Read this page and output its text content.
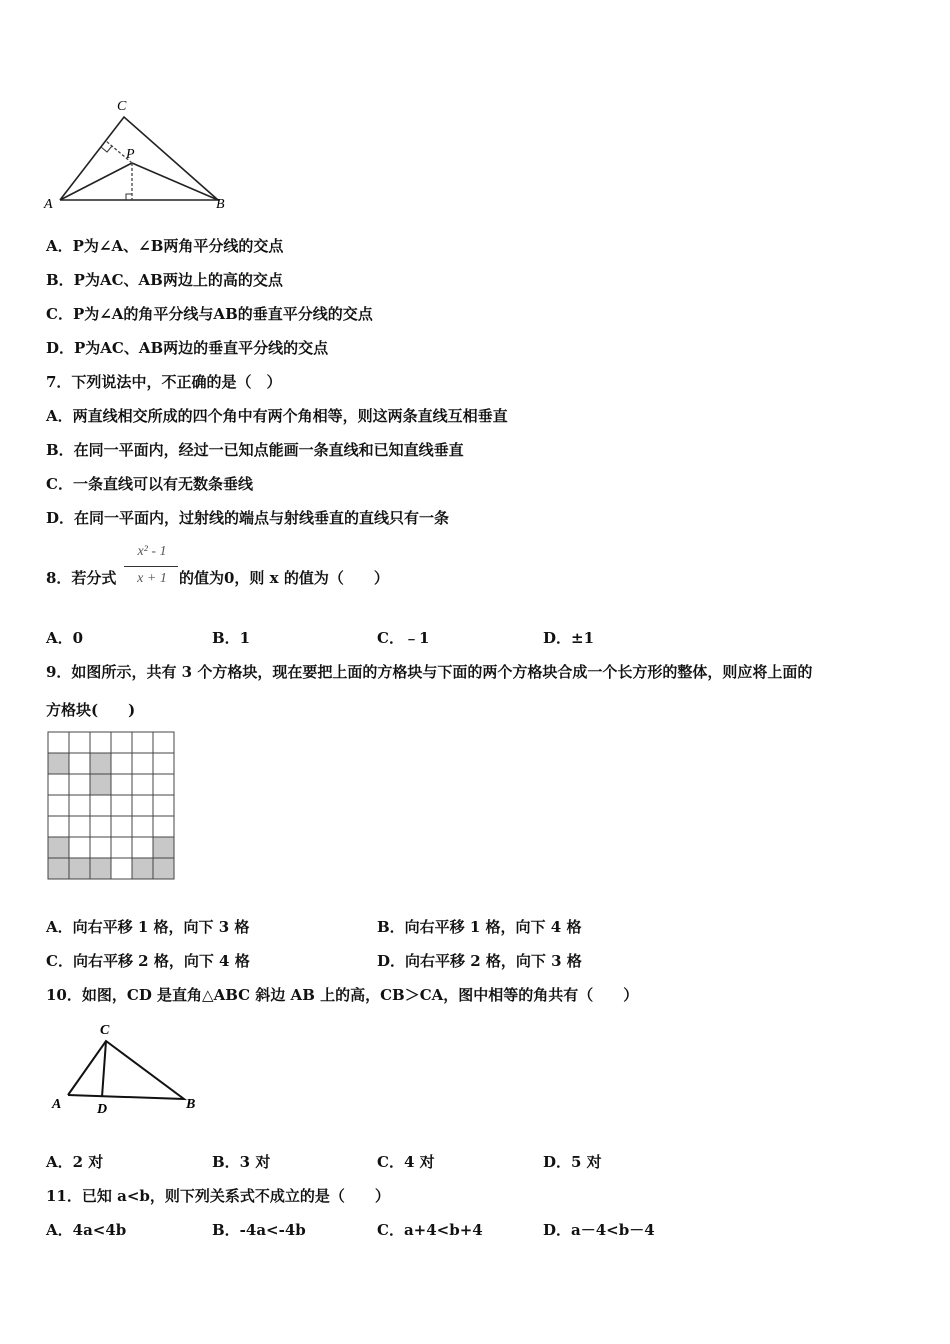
C
P
A	B
A．P为∠A、∠B两角平分线的交点
B．P为AC、AB两边上的高的交点
C．P为∠A的角平分线与AB的垂直平分线的交点
D．P为AC、AB两边的垂直平分线的交点
7．下列说法中，不正确的是（　）
A．两直线相交所成的四个角中有两个角相等，则这两条直线互相垂直
B．在同一平面内，经过一已知点能画一条直线和已知直线垂直
C．一条直线可以有无数条垂线
D．在同一平面内，过射线的端点与射线垂直的直线只有一条
8．若分式
x² - 1
x + 1 的值为0，则 x 的值为（　　）
A．0	B．1	C．﹣1	D．±1
9．如图所示，共有 3 个方格块，现在要把上面的方格块与下面的两个方格块合成一个长方形的整体，则应将上面的
方格块(　　)
A．向右平移 1 格，向下 3 格	B．向右平移 1 格，向下 4 格
C．向右平移 2 格，向下 4 格	D．向右平移 2 格，向下 3 格
10．如图，CD 是直角△ABC 斜边 AB 上的高，CB＞CA，图中相等的角共有（　　）
C
A	D	B
A．2 对	B．3 对	C．4 对	D．5 对
11．已知 a<b，则下列关系式不成立的是（　　）
A．4a<4b	B．-4a<-4b	C．a+4<b+4	D．a－4<b－4
